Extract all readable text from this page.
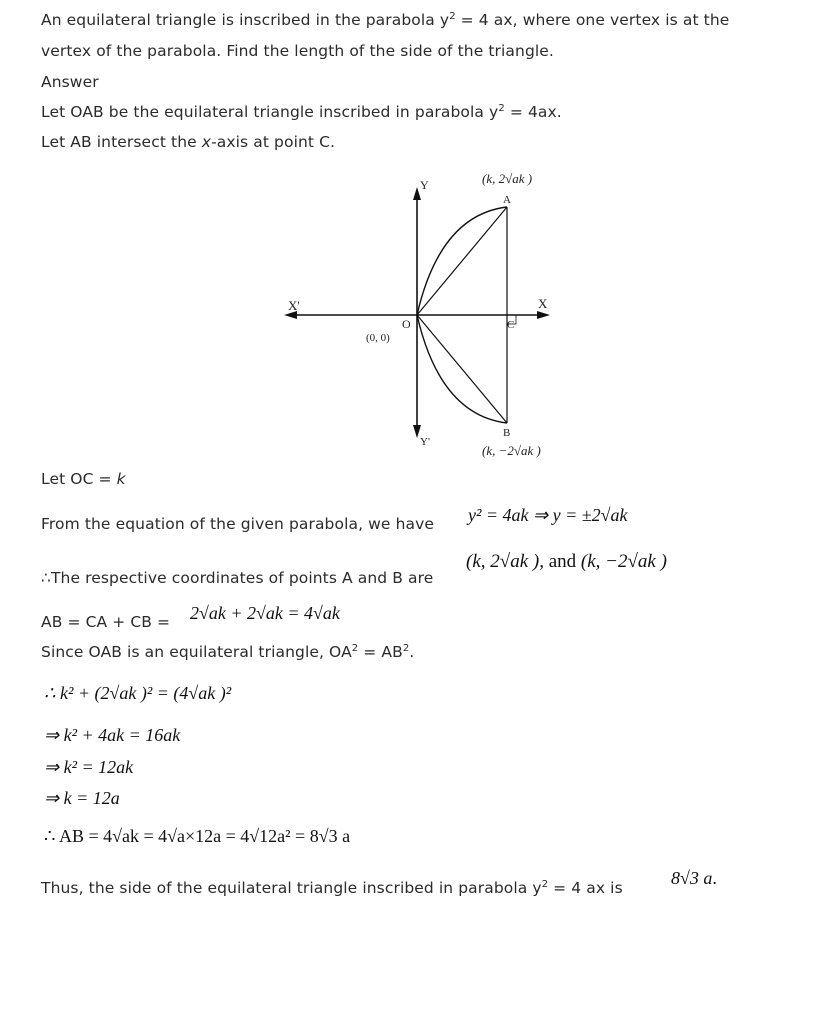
An equilateral triangle is inscribed in the parabola $y^2 = 4$ ax, where one vertex is at the
vertex of the parabola. Find the length of the side of the triangle.
Answer
Let OAB be the equilateral triangle inscribed in parabola $y^2 = 4ax$.
Let AB intersect the x-axis at point C.
Y
Y'
X
X'
O
(0, 0)
A
B
C
(k, 2√ak )
(k, −2√ak )
Let OC = k
From the equation of the given parabola, we have y² = 4ak ⇒ y = ±2√ak
∴The respective coordinates of points A and B are
(k, 2√ak ), and (k, −2√ak )
AB = CA + CB = 2√ak + 2√ak = 4√ak
Since OAB is an equilateral triangle, $OA^2 = AB^2$.
∴ k² + (2√ak )² = (4√ak )²
⇒ k² + 4ak = 16ak
⇒ k² = 12ak
⇒ k = 12a
∴ AB = 4√ak = 4√a×12a = 4√12a² = 8√3 a
Thus, the side of the equilateral triangle inscribed in parabola $y^2 = 4$ ax is	8√3 a.
